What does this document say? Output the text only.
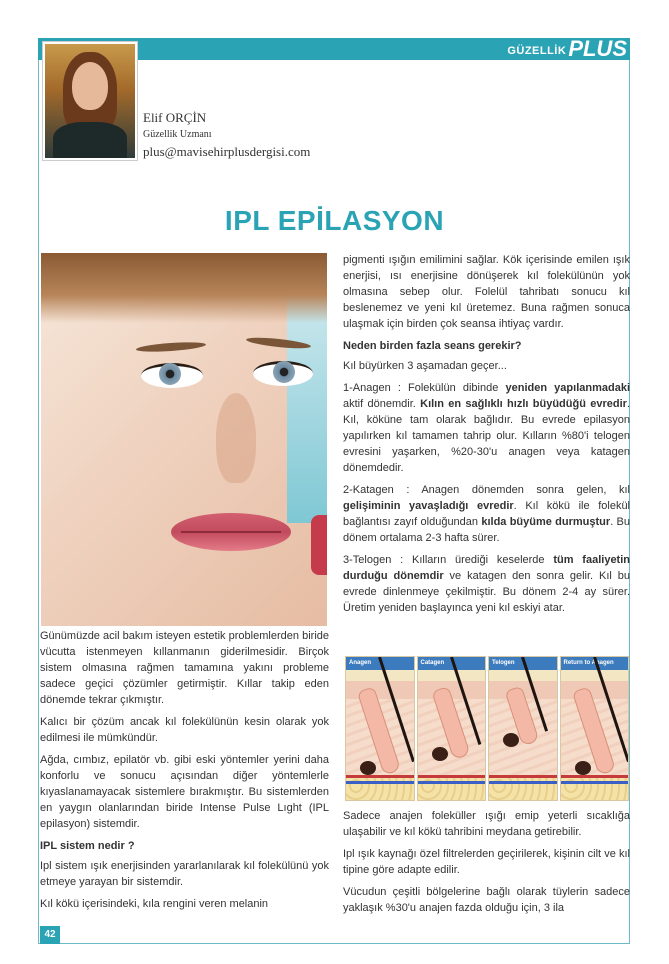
GÜZELLİK PLUS
Elif ORÇİN
Güzellik Uzmanı
plus@mavisehirplusdergisi.com
IPL EPİLASYON

Günümüzde acil bakım isteyen estetik problemlerden biride vücutta istenmeyen kıllanmanın giderilmesidir. Birçok sistem olmasına rağmen tamamına yakını probleme sadece geçici çözümler getirmiştir. Kıllar takip eden dönemde tekrar çıkmıştır.

Kalıcı bir çözüm ancak kıl folekülünün kesin olarak yok edilmesi ile mümkündür.

Ağda, cımbız, epilatör vb. gibi eski yöntemler yerini daha konforlu ve sonucu açısından diğer yöntemlerle kıyaslanamayacak sistemlere bırakmıştır. Bu sistemlerden en yaygın olanlarından biride Intense Pulse Lıght (IPL epilasyon) sistemdir.

IPL sistem nedir ?

Ipl sistem ışık enerjisinden yararlanılarak kıl folekülünü yok etmeye yarayan bir sistemdir.

Kıl kökü içerisindeki, kıla rengini veren melanin

pigmenti ışığın emilimini sağlar. Kök içerisinde emilen ışık enerjisi, ısı enerjisine dönüşerek kıl folekülünün yok olmasına sebep olur. Folelül tahribatı sonucu kıl beslenemez ve yeni kıl üretemez. Buna rağmen sonuca ulaşmak için birden çok seansa ihtiyaç vardır.

Neden birden fazla seans gerekir?

Kıl büyürken 3 aşamadan geçer...

1-Anagen : Folekülün dibinde yeniden yapılanmadaki aktif dönemdir. Kılın en sağlıklı hızlı büyüdüğü evredir. Kıl, köküne tam olarak bağlıdır. Bu evrede epilasyon yapılırken kıl tamamen tahrip olur. Kılların %80'i telogen evresini yaşarken, %20-30'u anagen veya katagen dönemdedir.

2-Katagen : Anagen dönemden sonra gelen, kıl gelişiminin yavaşladığı evredir. Kıl kökü ile folekül bağlantısı zayıf olduğundan kılda büyüme durmuştur. Bu dönem ortalama 2-3 hafta sürer.

3-Telogen : Kılların ürediği keselerde tüm faaliyetin durduğu dönemdir ve katagen den sonra gelir. Kıl bu evrede dinlenmeye çekilmiştir. Bu dönem 2-4 ay sürer. Üretim yeniden başlayınca yeni kıl eskiyi atar.

Anagen	Catagen	Telogen	Return to Anagen

Sadece anajen foleküller ışığı emip yeterli sıcaklığa ulaşabilir ve kıl kökü tahribini meydana getirebilir.

Ipl ışık kaynağı özel filtrelerden geçirilerek, kişinin cilt ve kıl tipine göre adapte edilir.

Vücudun çeşitli bölgelerine bağlı olarak tüylerin sadece yaklaşık %30'u anajen fazda olduğu için, 3 ila

42
